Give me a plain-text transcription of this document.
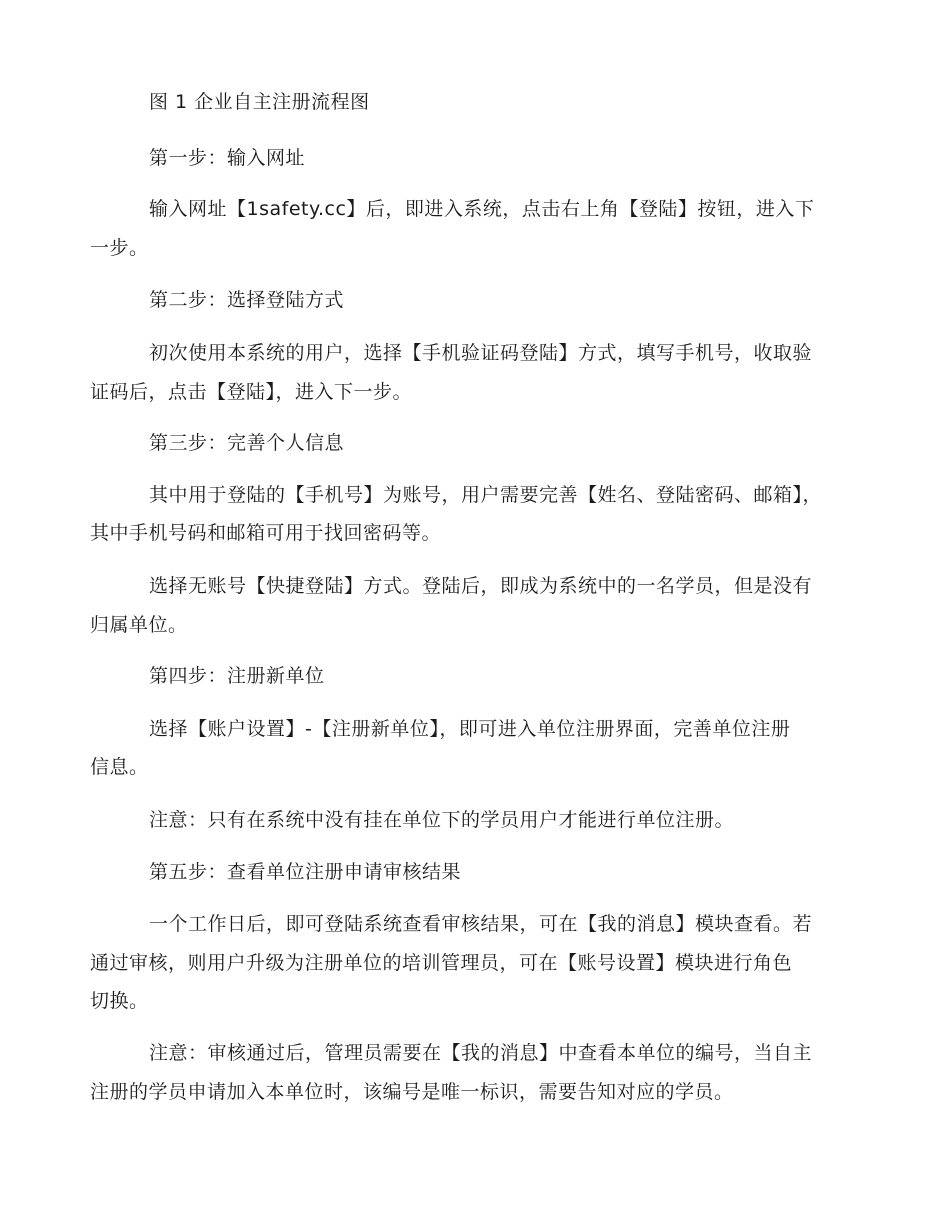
图 1 企业自主注册流程图
第一步：输入网址
输入网址【1safety.cc】后，即进入系统，点击右上角【登陆】按钮，进入下
一步。
第二步：选择登陆方式
初次使用本系统的用户，选择【手机验证码登陆】方式，填写手机号，收取验
证码后，点击【登陆】，进入下一步。
第三步：完善个人信息
其中用于登陆的【手机号】为账号，用户需要完善【姓名、登陆密码、邮箱】，
其中手机号码和邮箱可用于找回密码等。
选择无账号【快捷登陆】方式。登陆后，即成为系统中的一名学员，但是没有
归属单位。
第四步：注册新单位
选择【账户设置】-【注册新单位】，即可进入单位注册界面，完善单位注册
信息。
注意：只有在系统中没有挂在单位下的学员用户才能进行单位注册。
第五步：查看单位注册申请审核结果
一个工作日后，即可登陆系统查看审核结果，可在【我的消息】模块查看。若
通过审核，则用户升级为注册单位的培训管理员，可在【账号设置】模块进行角色
切换。
注意：审核通过后，管理员需要在【我的消息】中查看本单位的编号，当自主
注册的学员申请加入本单位时，该编号是唯一标识，需要告知对应的学员。
